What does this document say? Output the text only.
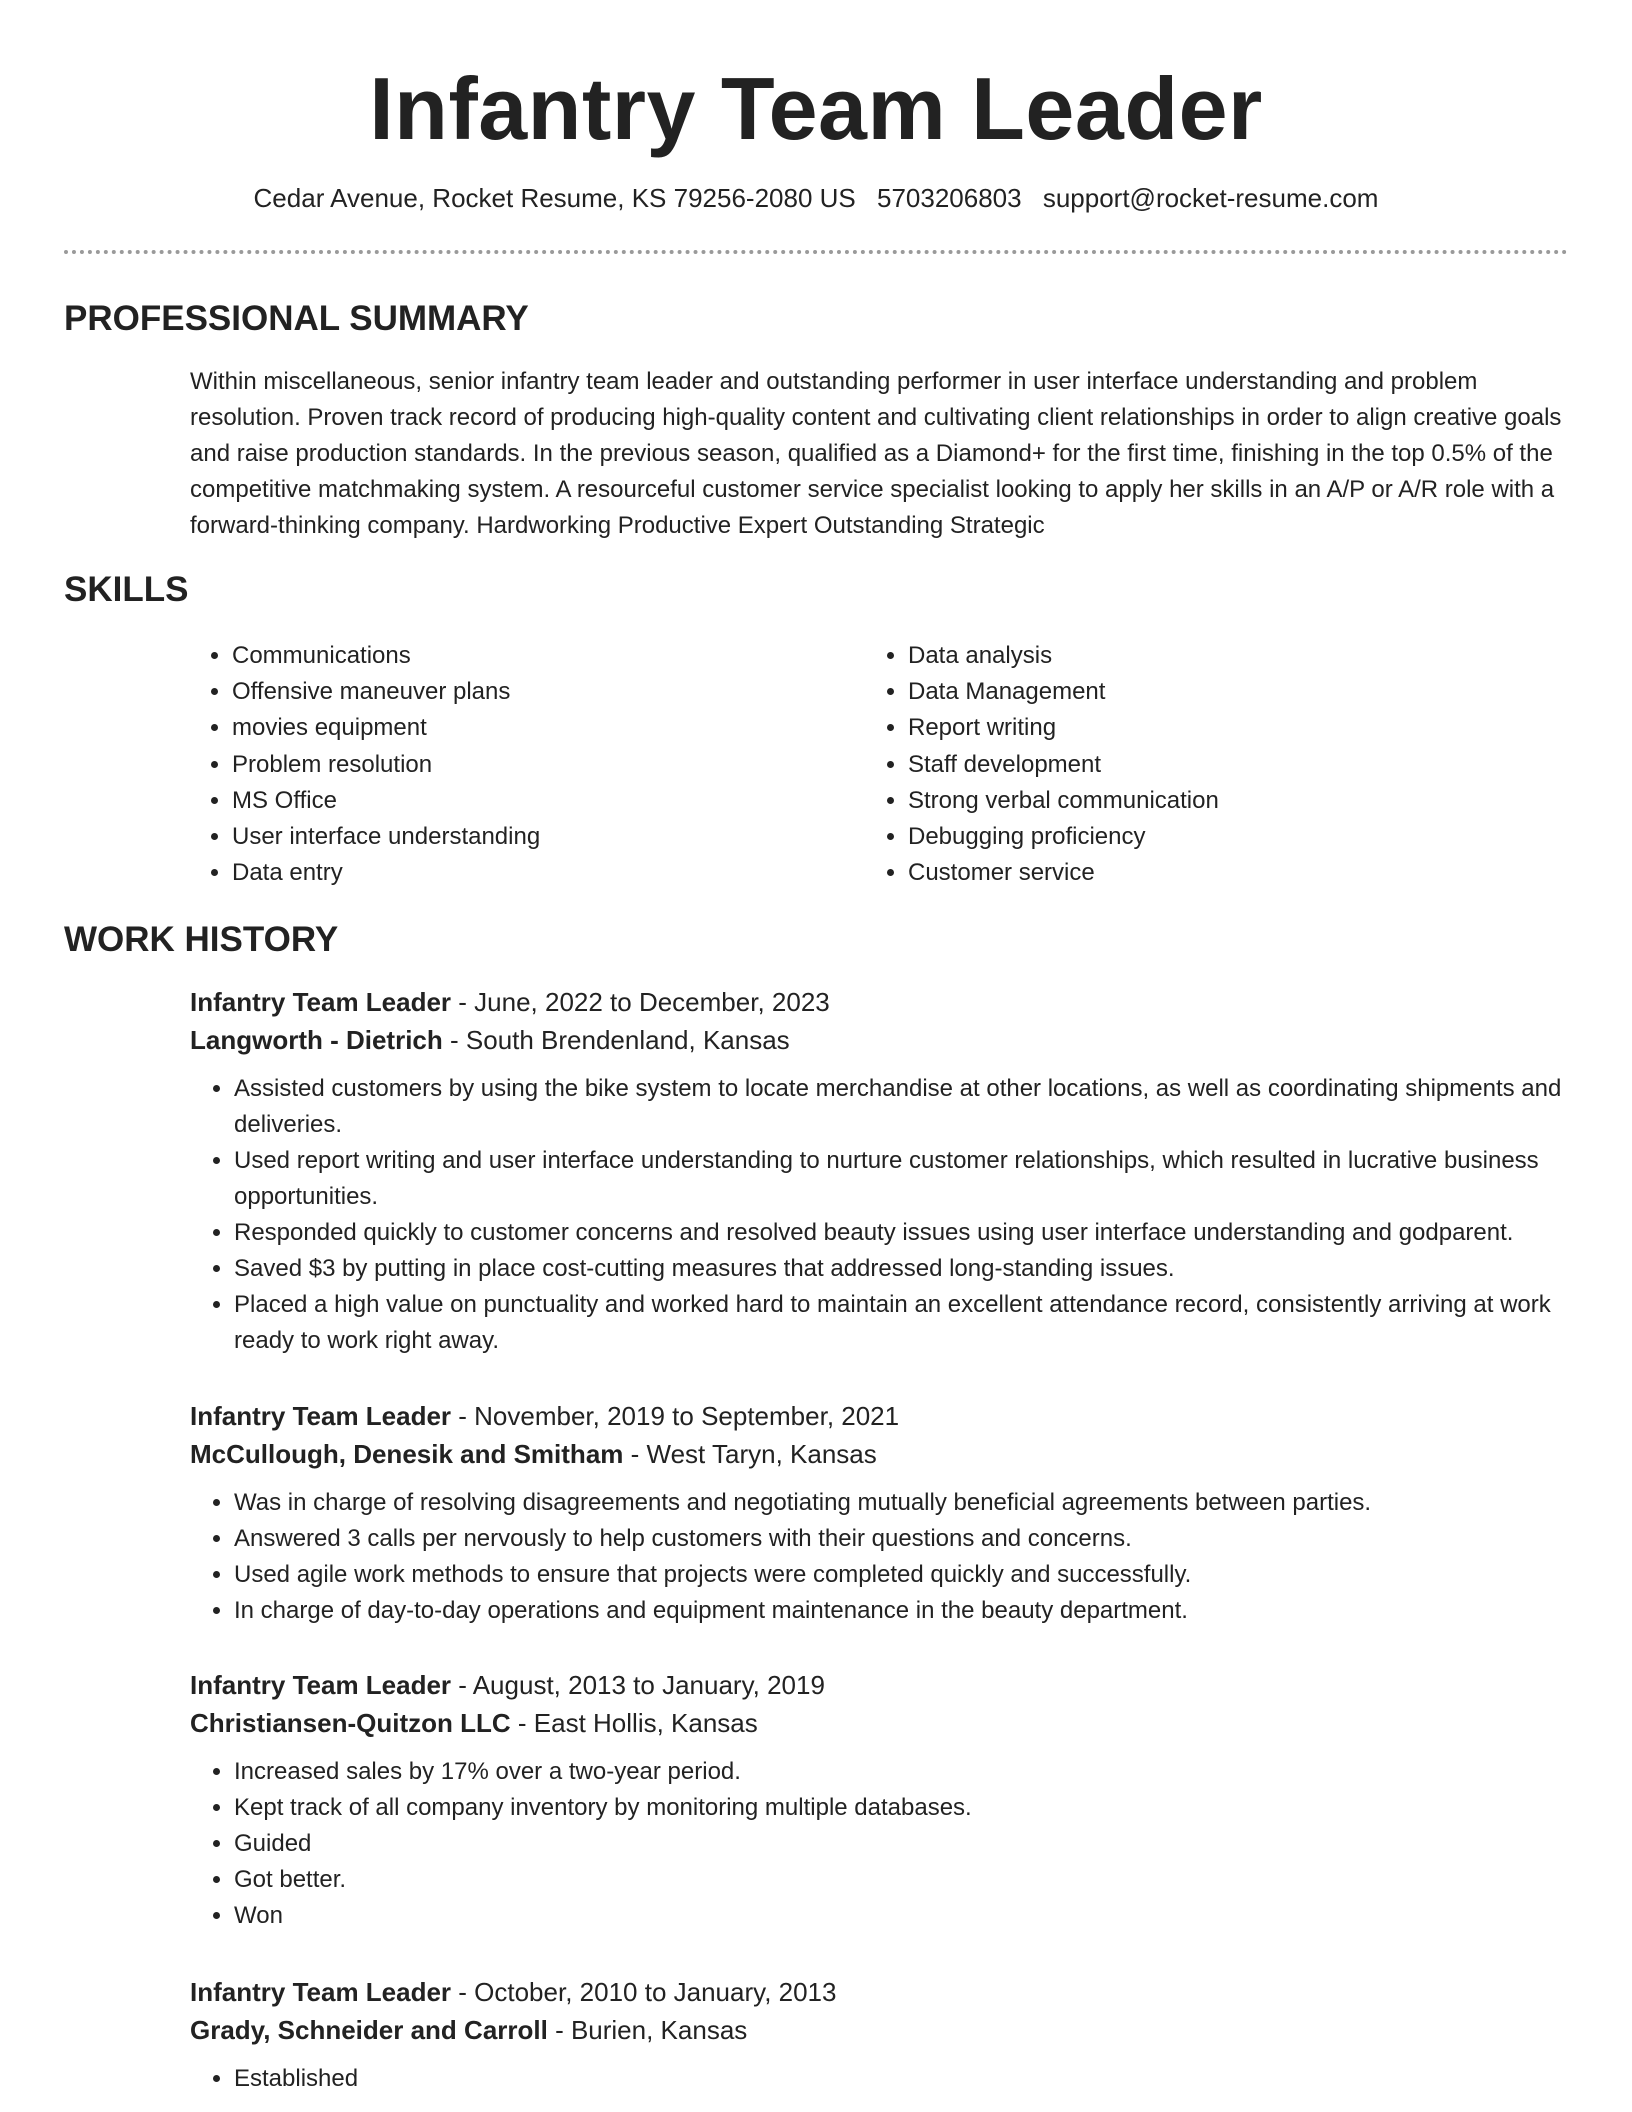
Infantry Team Leader
Cedar Avenue, Rocket Resume, KS 79256-2080 US 5703206803 support@rocket-resume.com
PROFESSIONAL SUMMARY

Within miscellaneous, senior infantry team leader and outstanding performer in user interface understanding and problem resolution. Proven track record of producing high-quality content and cultivating client relationships in order to align creative goals and raise production standards. In the previous season, qualified as a Diamond+ for the first time, finishing in the top 0.5% of the competitive matchmaking system. A resourceful customer service specialist looking to apply her skills in an A/P or A/R role with a forward-thinking company. Hardworking Productive Expert Outstanding Strategic

SKILLS
• Communications
• Offensive maneuver plans
• movies equipment
• Problem resolution
• MS Office
• User interface understanding
• Data entry
• Data analysis
• Data Management
• Report writing
• Staff development
• Strong verbal communication
• Debugging proficiency
• Customer service
WORK HISTORY
Infantry Team Leader - June, 2022 to December, 2023
Langworth - Dietrich - South Brendenland, Kansas
• Assisted customers by using the bike system to locate merchandise at other locations, as well as coordinating shipments and deliveries.
• Used report writing and user interface understanding to nurture customer relationships, which resulted in lucrative business opportunities.
• Responded quickly to customer concerns and resolved beauty issues using user interface understanding and godparent.
• Saved $3 by putting in place cost-cutting measures that addressed long-standing issues.
• Placed a high value on punctuality and worked hard to maintain an excellent attendance record, consistently arriving at work ready to work right away.
Infantry Team Leader - November, 2019 to September, 2021
McCullough, Denesik and Smitham - West Taryn, Kansas
• Was in charge of resolving disagreements and negotiating mutually beneficial agreements between parties.
• Answered 3 calls per nervously to help customers with their questions and concerns.
• Used agile work methods to ensure that projects were completed quickly and successfully.
• In charge of day-to-day operations and equipment maintenance in the beauty department.
Infantry Team Leader - August, 2013 to January, 2019
Christiansen-Quitzon LLC - East Hollis, Kansas
• Increased sales by 17% over a two-year period.
• Kept track of all company inventory by monitoring multiple databases.
• Guided
• Got better.
• Won
Infantry Team Leader - October, 2010 to January, 2013
Grady, Schneider and Carroll - Burien, Kansas
• Established
